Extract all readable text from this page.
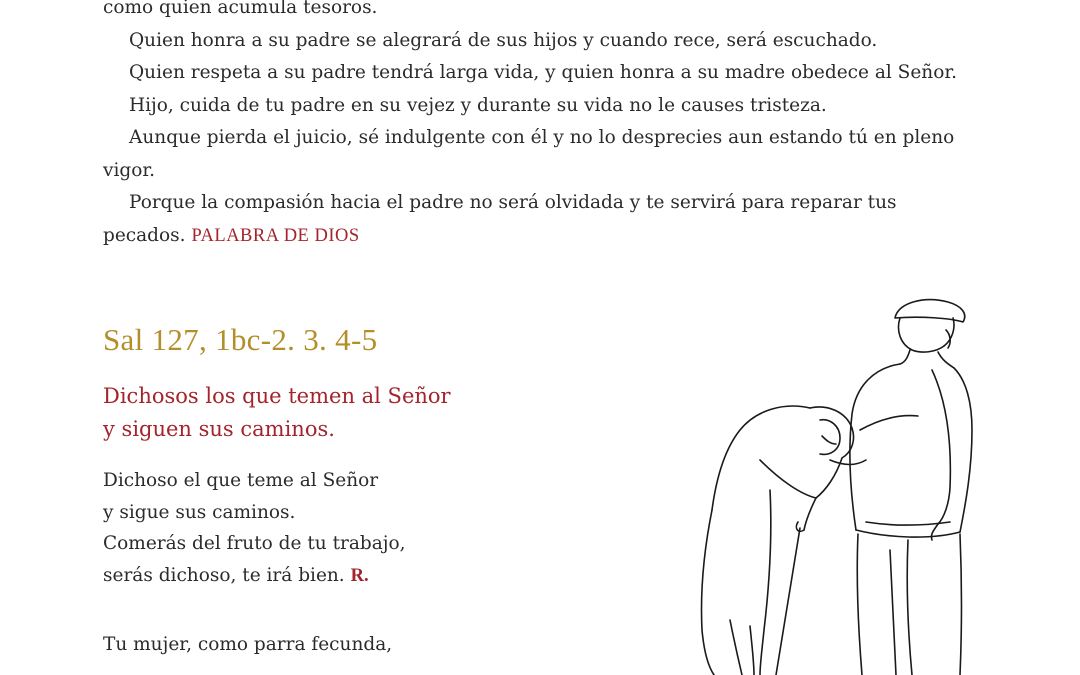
como quien acumula tesoros.

Quien honra a su padre se alegrará de sus hijos y cuando rece, será escuchado.

Quien respeta a su padre tendrá larga vida, y quien honra a su madre obedece al Señor.

Hijo, cuida de tu padre en su vejez y durante su vida no le causes tristeza.

Aunque pierda el juicio, sé indulgente con él y no lo desprecies aun estando tú en pleno vigor.

Porque la compasión hacia el padre no será olvidada y te servirá para reparar tus pecados. PALABRA DE DIOS

Sal 127, 1bc-2. 3. 4-5
Dichosos los que temen al Señor
y siguen sus caminos.
Dichoso el que teme al Señor
y sigue sus caminos.
Comerás del fruto de tu trabajo,
serás dichoso, te irá bien. R.
Tu mujer, como parra fecunda,
